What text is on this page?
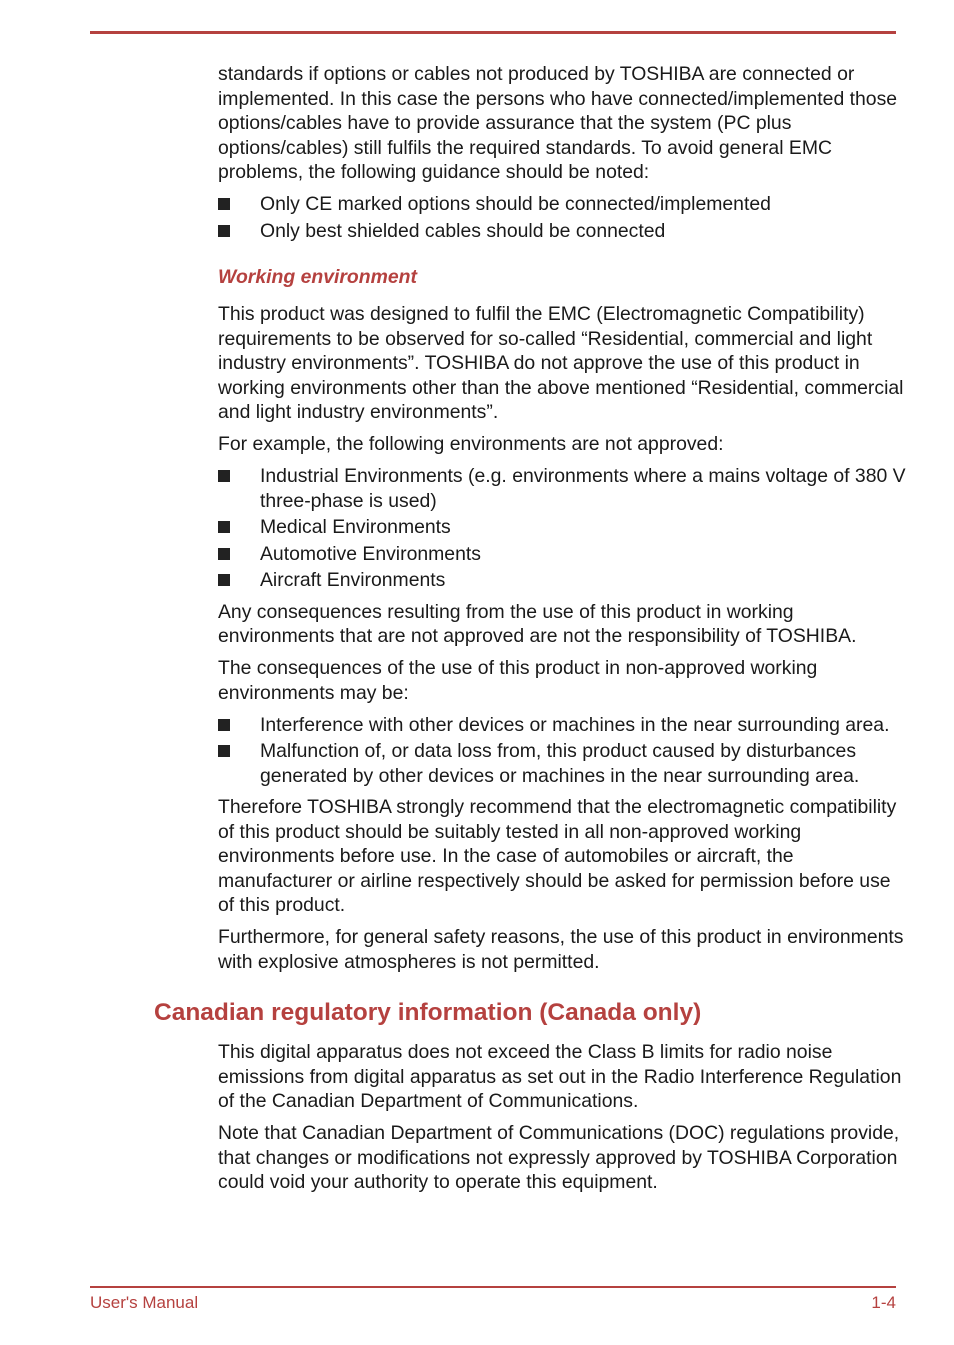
standards if options or cables not produced by TOSHIBA are connected or implemented. In this case the persons who have connected/implemented those options/cables have to provide assurance that the system (PC plus options/cables) still fulfils the required standards. To avoid general EMC problems, the following guidance should be noted:

Only CE marked options should be connected/implemented
Only best shielded cables should be connected
Working environment

This product was designed to fulfil the EMC (Electromagnetic Compatibility) requirements to be observed for so-called “Residential, commercial and light industry environments”. TOSHIBA do not approve the use of this product in working environments other than the above mentioned “Residential, commercial and light industry environments”.

For example, the following environments are not approved:

Industrial Environments (e.g. environments where a mains voltage of 380 V three-phase is used)
Medical Environments
Automotive Environments
Aircraft Environments

Any consequences resulting from the use of this product in working environments that are not approved are not the responsibility of TOSHIBA.

The consequences of the use of this product in non-approved working environments may be:

Interference with other devices or machines in the near surrounding area.
Malfunction of, or data loss from, this product caused by disturbances generated by other devices or machines in the near surrounding area.

Therefore TOSHIBA strongly recommend that the electromagnetic compatibility of this product should be suitably tested in all non-approved working environments before use. In the case of automobiles or aircraft, the manufacturer or airline respectively should be asked for permission before use of this product.

Furthermore, for general safety reasons, the use of this product in environments with explosive atmospheres is not permitted.

Canadian regulatory information (Canada only)

This digital apparatus does not exceed the Class B limits for radio noise emissions from digital apparatus as set out in the Radio Interference Regulation of the Canadian Department of Communications.

Note that Canadian Department of Communications (DOC) regulations provide, that changes or modifications not expressly approved by TOSHIBA Corporation could void your authority to operate this equipment.

User's Manual	1-4
